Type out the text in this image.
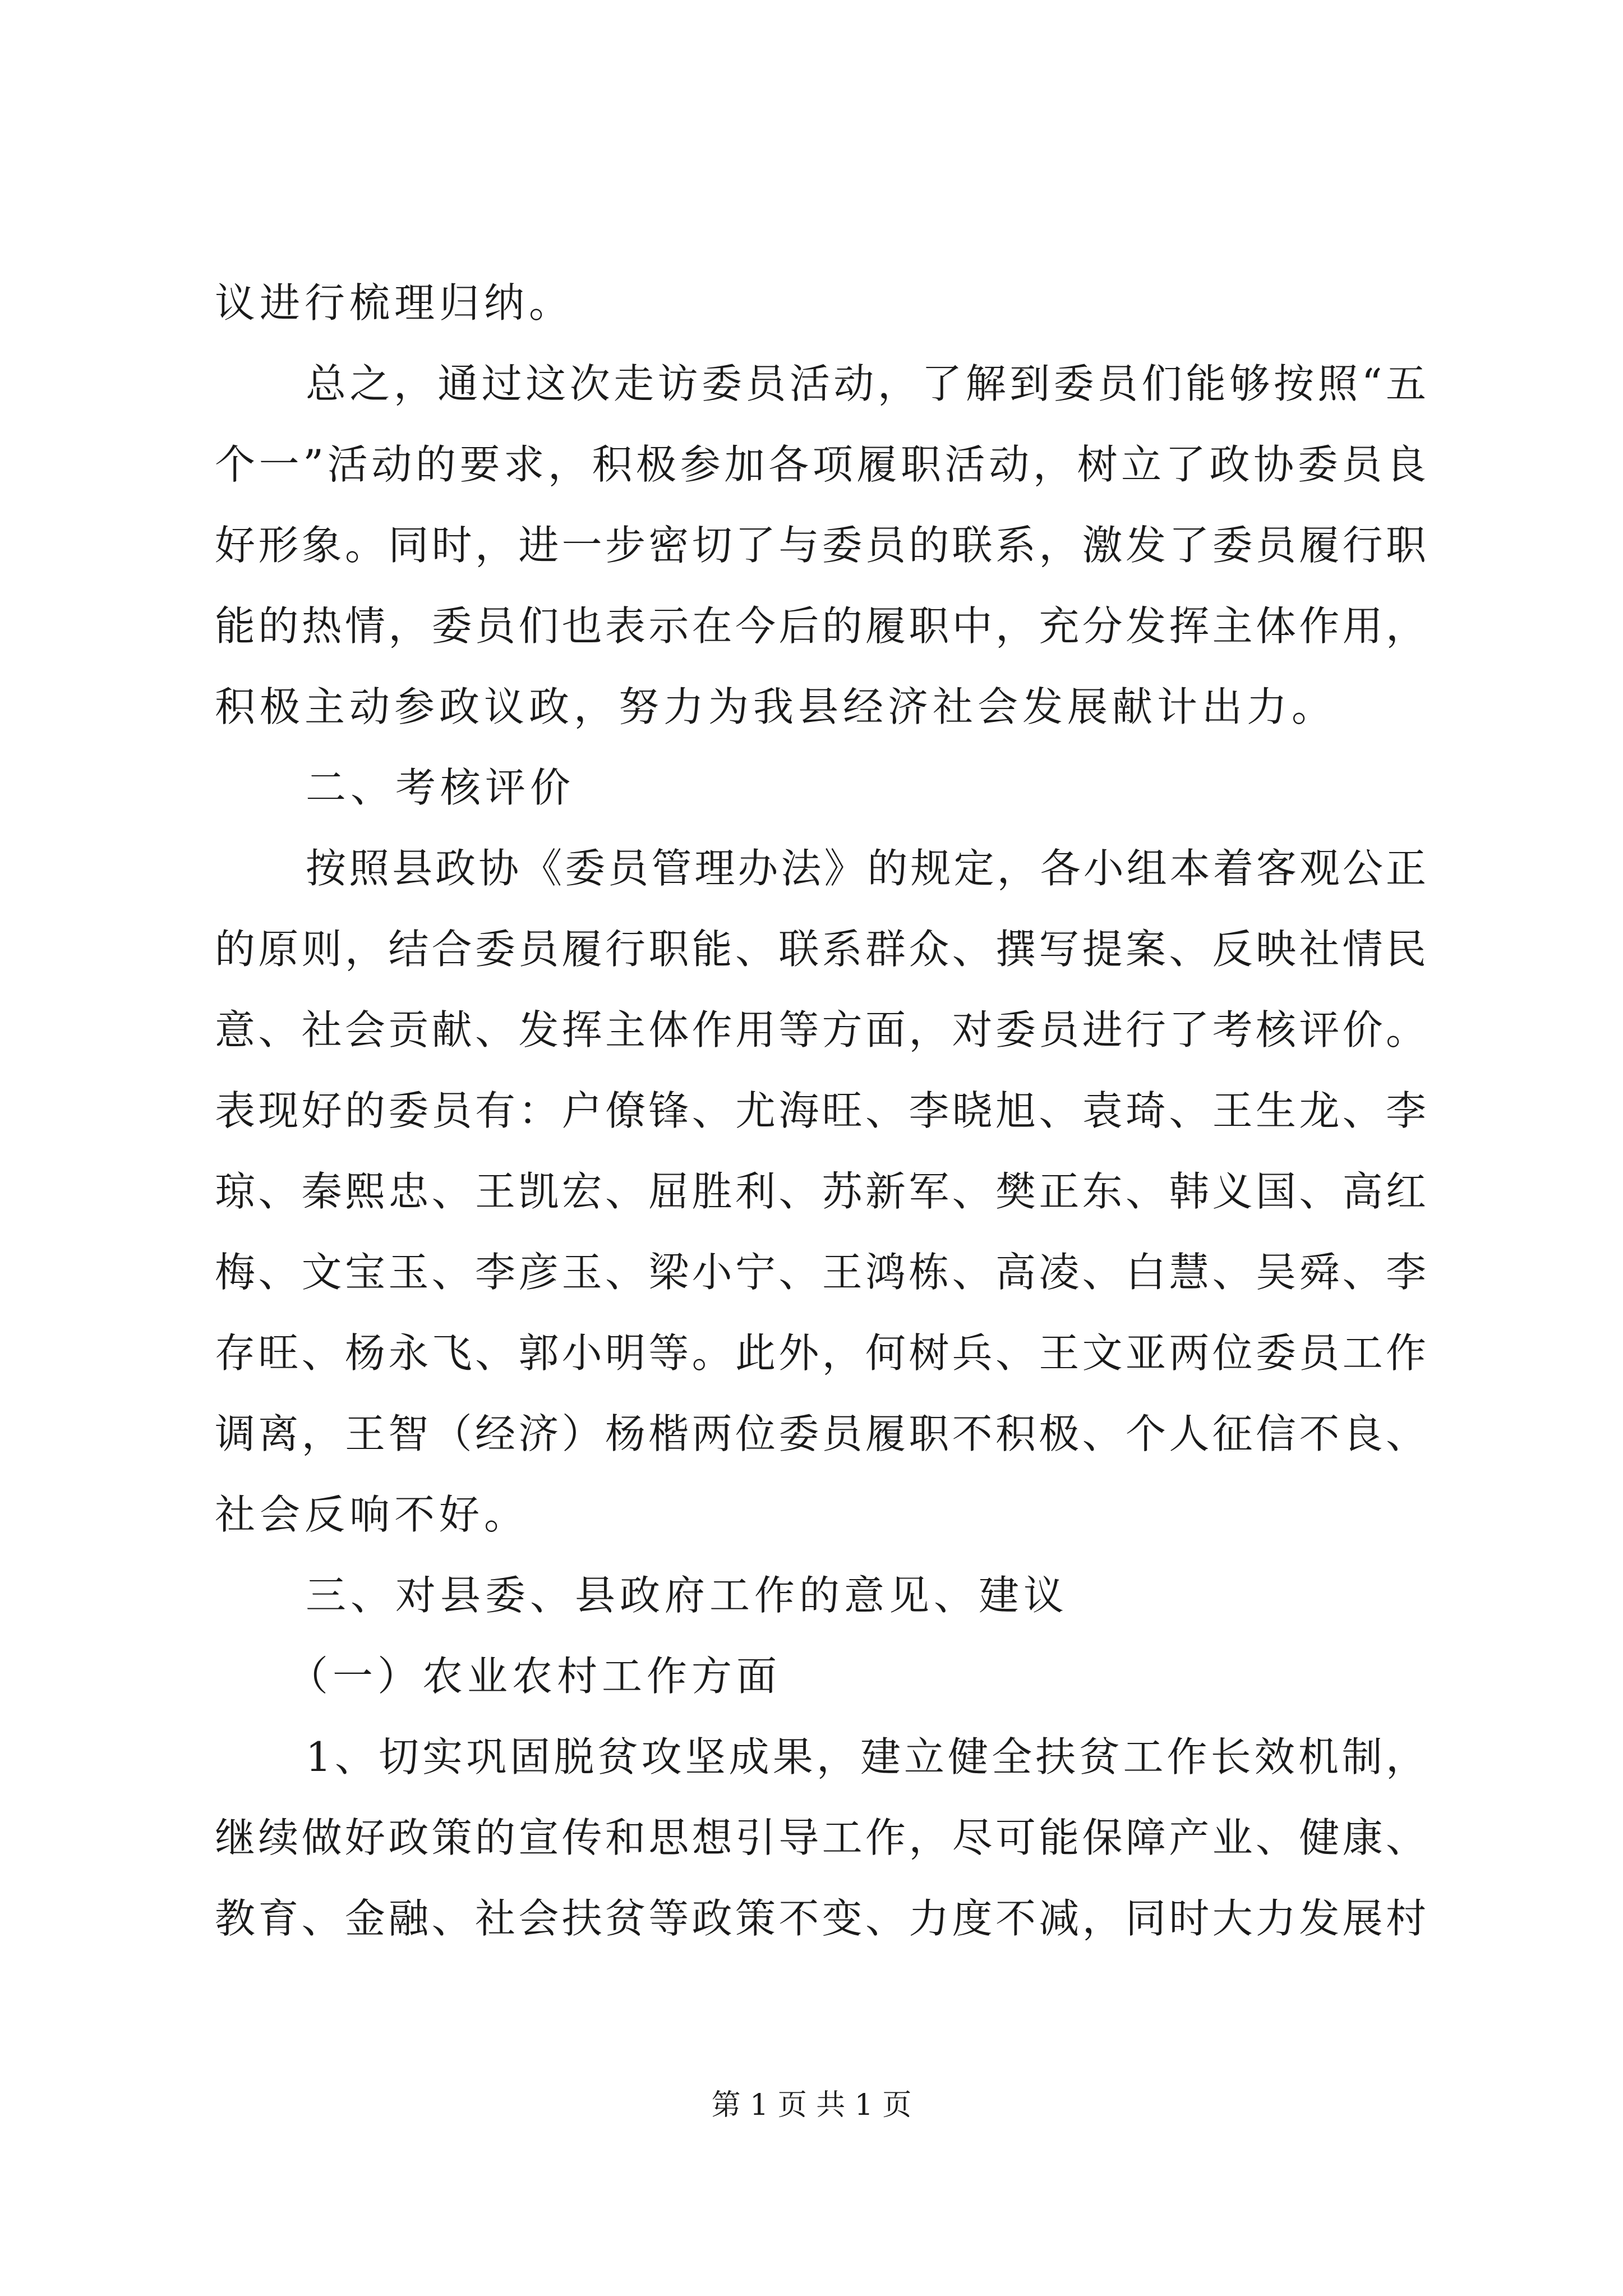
议进行梳理归纳。
总之，通过这次走访委员活动，了解到委员们能够按照“五
个一”活动的要求，积极参加各项履职活动，树立了政协委员良
好形象。同时，进一步密切了与委员的联系，激发了委员履行职
能的热情，委员们也表示在今后的履职中，充分发挥主体作用，
积极主动参政议政，努力为我县经济社会发展献计出力。
二、考核评价
按照县政协《委员管理办法》的规定，各小组本着客观公正
的原则，结合委员履行职能、联系群众、撰写提案、反映社情民
意、社会贡献、发挥主体作用等方面，对委员进行了考核评价。
表现好的委员有：户僚锋、尤海旺、李晓旭、袁琦、王生龙、李
琼、秦熙忠、王凯宏、屈胜利、苏新军、樊正东、韩义国、高红
梅、文宝玉、李彦玉、梁小宁、王鸿栋、高凌、白慧、吴舜、李
存旺、杨永飞、郭小明等。此外，何树兵、王文亚两位委员工作
调离，王智（经济）杨楷两位委员履职不积极、个人征信不良、
社会反响不好。
三、对县委、县政府工作的意见、建议
（一）农业农村工作方面
1、切实巩固脱贫攻坚成果，建立健全扶贫工作长效机制，
继续做好政策的宣传和思想引导工作，尽可能保障产业、健康、
教育、金融、社会扶贫等政策不变、力度不减，同时大力发展村
第 1 页 共 1 页
